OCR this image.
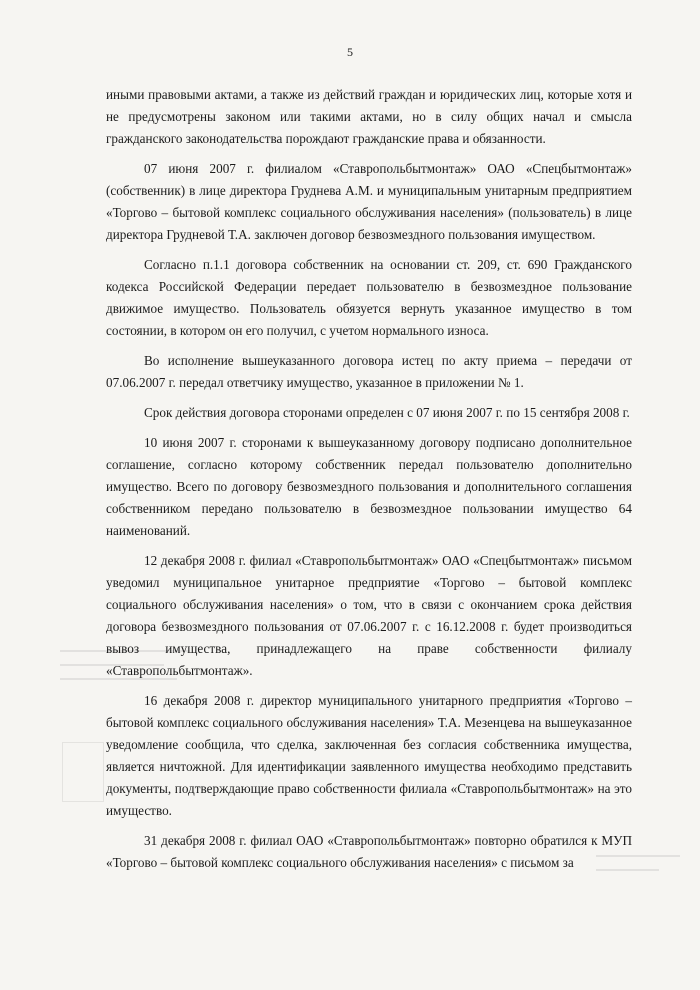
5

иными правовыми актами, а также из действий граждан и юридических лиц, которые хотя и не предусмотрены законом или такими актами, но в силу общих начал и смысла гражданского законодательства порождают гражданские права и обязанности.

07 июня 2007 г. филиалом «Ставропольбытмонтаж» ОАО «Спецбытмонтаж» (собственник) в лице директора Груднева А.М. и муниципальным унитарным предприятием «Торгово – бытовой комплекс социального обслуживания населения» (пользователь) в лице директора Грудневой Т.А. заключен договор безвозмездного пользования имуществом.

Согласно п.1.1 договора собственник на основании ст. 209, ст. 690 Гражданского кодекса Российской Федерации передает пользователю в безвозмездное пользование движимое имущество. Пользователь обязуется вернуть указанное имущество в том состоянии, в котором он его получил, с учетом нормального износа.

Во исполнение вышеуказанного договора истец по акту приема – передачи от 07.06.2007 г. передал ответчику имущество, указанное в приложении № 1.

Срок действия договора сторонами определен с 07 июня 2007 г. по 15 сентября 2008 г.

10 июня 2007 г. сторонами к вышеуказанному договору подписано дополнительное соглашение, согласно которому собственник передал пользователю дополнительно имущество. Всего по договору безвозмездного пользования и дополнительного соглашения собственником передано пользователю в безвозмездное пользовании имущество 64 наименований.

12 декабря 2008 г. филиал «Ставропольбытмонтаж» ОАО «Спецбытмонтаж» письмом уведомил муниципальное унитарное предприятие «Торгово – бытовой комплекс социального обслуживания населения» о том, что в связи с окончанием срока действия договора безвозмездного пользования от 07.06.2007 г. с 16.12.2008 г. будет производиться вывоз имущества, принадлежащего на праве собственности филиалу «Ставропольбытмонтаж».

16 декабря 2008 г. директор муниципального унитарного предприятия «Торгово – бытовой комплекс социального обслуживания населения» Т.А. Мезенцева на вышеуказанное уведомление сообщила, что сделка, заключенная без согласия собственника имущества, является ничтожной. Для идентификации заявленного имущества необходимо представить документы, подтверждающие право собственности филиала «Ставропольбытмонтаж» на это имущество.

31 декабря 2008 г. филиал ОАО «Ставропольбытмонтаж» повторно обратился к МУП «Торгово – бытовой комплекс социального обслуживания населения» с письмом за
